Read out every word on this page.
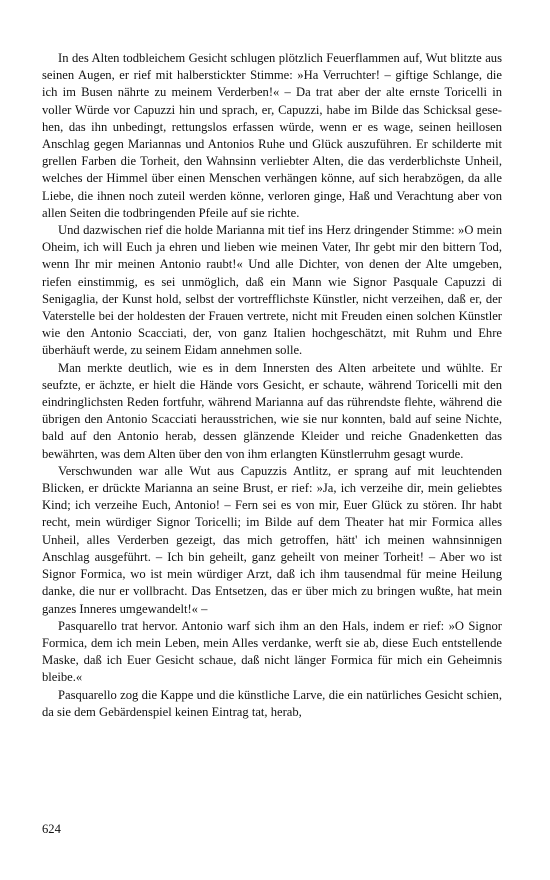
In des Alten todbleichem Gesicht schlugen plötzlich Feuerflammen auf, Wut blitzte aus seinen Augen, er rief mit halberstickter Stimme: »Ha Verruchter! – giftige Schlange, die ich im Busen nährte zu meinem Verderben!« – Da trat aber der alte ernste Toricelli in voller Würde vor Capuzzi hin und sprach, er, Capuzzi, habe im Bilde das Schicksal gesehen, das ihn unbedingt, rettungslos erfassen würde, wenn er es wage, seinen heillosen Anschlag gegen Mariannas und Antonios Ruhe und Glück auszuführen. Er schilderte mit grellen Farben die Torheit, den Wahnsinn verliebter Alten, die das verderblichste Unheil, welches der Himmel über einen Menschen verhängen könne, auf sich herabzögen, da alle Liebe, die ihnen noch zuteil werden könne, verloren ginge, Haß und Verachtung aber von allen Seiten die todbringenden Pfeile auf sie richte.

Und dazwischen rief die holde Marianna mit tief ins Herz dringender Stimme: »O mein Oheim, ich will Euch ja ehren und lieben wie meinen Vater, Ihr gebt mir den bittern Tod, wenn Ihr mir meinen Antonio raubt!« Und alle Dichter, von denen der Alte umgeben, riefen einstimmig, es sei unmöglich, daß ein Mann wie Signor Pasquale Capuzzi di Senigaglia, der Kunst hold, selbst der vortrefflichste Künstler, nicht verzeihen, daß er, der Vaterstelle bei der holdesten der Frauen vertrete, nicht mit Freuden einen solchen Künstler wie den Antonio Scacciati, der, von ganz Italien hochgeschätzt, mit Ruhm und Ehre überhäuft werde, zu seinem Eidam annehmen solle.

Man merkte deutlich, wie es in dem Innersten des Alten arbeitete und wühlte. Er seufzte, er ächzte, er hielt die Hände vors Gesicht, er schaute, während Toricelli mit den eindringlichsten Reden fortfuhr, während Marianna auf das rührendste flehte, während die übrigen den Antonio Scacciati herausstrichen, wie sie nur konnten, bald auf seine Nichte, bald auf den Antonio herab, dessen glänzende Kleider und reiche Gnadenketten das bewährten, was dem Alten über den von ihm erlangten Künstlerruhm gesagt wurde.

Verschwunden war alle Wut aus Capuzzis Antlitz, er sprang auf mit leuchtenden Blicken, er drückte Marianna an seine Brust, er rief: »Ja, ich verzeihe dir, mein geliebtes Kind; ich verzeihe Euch, Antonio! – Fern sei es von mir, Euer Glück zu stören. Ihr habt recht, mein würdiger Signor Toricelli; im Bilde auf dem Theater hat mir Formica alles Unheil, alles Verderben gezeigt, das mich getroffen, hätt' ich meinen wahnsinnigen Anschlag ausgeführt. – Ich bin geheilt, ganz geheilt von meiner Torheit! – Aber wo ist Signor Formica, wo ist mein würdiger Arzt, daß ich ihm tausendmal für meine Heilung danke, die nur er vollbracht. Das Entsetzen, das er über mich zu bringen wußte, hat mein ganzes Inneres umgewandelt!« –

Pasquarello trat hervor. Antonio warf sich ihm an den Hals, indem er rief: »O Signor Formica, dem ich mein Leben, mein Alles verdanke, werft sie ab, diese Euch entstellende Maske, daß ich Euer Gesicht schaue, daß nicht länger Formica für mich ein Geheimnis bleibe.«

Pasquarello zog die Kappe und die künstliche Larve, die ein natürliches Gesicht schien, da sie dem Gebärdenspiel keinen Eintrag tat, herab,

624
